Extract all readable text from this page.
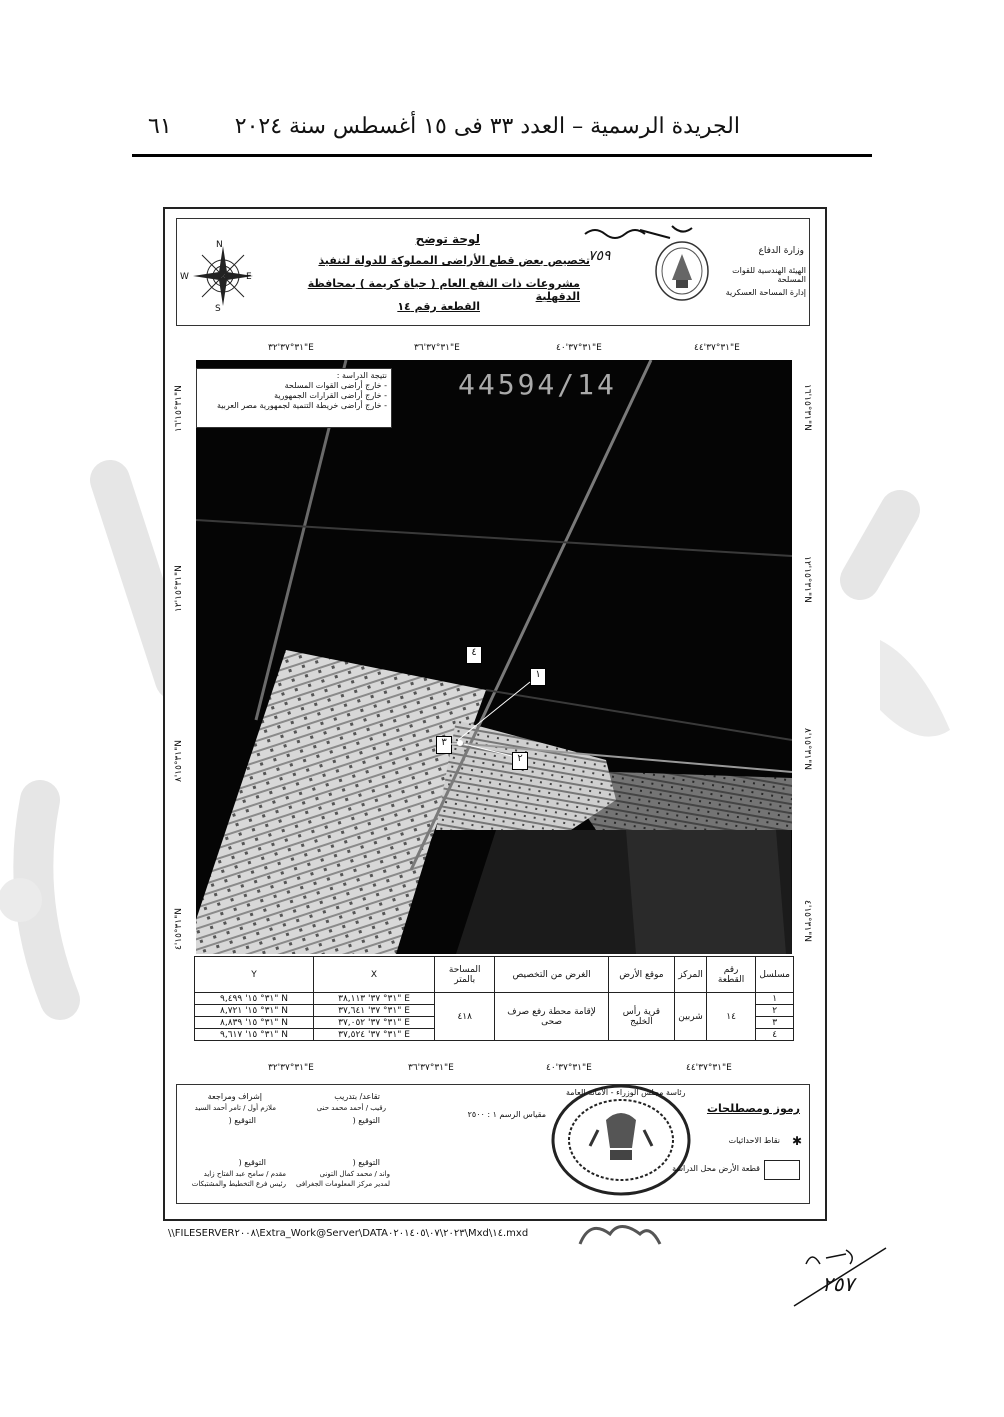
الجريدة الرسمية – العدد ٣٣ فى ١٥ أغسطس سنة ٢٠٢٤
٦١
N
S
E
W
لوحة توضح
تخصيص بعض قطع الأراضى المملوكة للدولة لتنفيذ
مشروعات ذات النفع العام ( حياة كريمة ) بمحافظة الدقهلية
القطعة رقم ١٤
٧٥٩	وزارة الدفاع
الهيئة الهندسية للقوات المسلحة
إدارة المساحة العسكرية
٣١°٣٧'٣٢"E	٣١°٣٧'٣٦"E	٣١°٣٧'٤٠"E	٣١°٣٧'٤٤"E
٣١°١٥'١٦"N
٣١°١٥'١٢"N
٣١°١٥'٨"N
٣١°١٥'٤"N
٣١°١٥'١٦"N
٣١°١٥'١٢"N
٣١°١٥'٨"N
٣١°١٥'٤"N
44594/14
نتيجة الدراسة :
- خارج أراضى القوات المسلحة
- خارج أراضى القرارات الجمهورية
- خارج أراضى خريطة التنمية لجمهورية مصر العربية
٤
١
٣
٢
مسلسل	رقم القطعة	المركز	موقع الأرض	الغرض من التخصيص	المساحة بالمتر	X	Y
١	١٤	شربين	قرية رأس الخليج	لإقامة محطة رفع صرف صحى	٤١٨	٣١° ٣٧' ٣٨,١١٣" E	٣١° ١٥' ٩,٤٩٩" N
٢						٣١° ٣٧' ٣٧,٦٤١" E	٣١° ١٥' ٨,٧٢١" N
٣						٣١° ٣٧' ٣٧,٠٥٢" E	٣١° ١٥' ٨,٨٣٩" N
٤						٣١° ٣٧' ٣٧,٥٢٤" E	٣١° ١٥' ٩,٦١٧" N
٣١°٣٧'٣٢"E	٣١°٣٧'٣٦"E	٣١°٣٧'٤٠"E	٣١°٣٧'٤٤"E
إشراف ومراجعة
ملازم أول / تامر أحمد السيد
التوقيع (
تقاعد/ بتدريب
رقيب / أحمد محمد حنى
التوقيع (
التوقيع (
مقدم / سامح عبد الفتاح زايد
رئيس فرع التخطيط والمشتبكات
التوقيع (
واند / محمد كمال التونى
لمدير مركز المعلومات الجغرافى
مقياس الرسم ١ : ٢٥٠٠
رئاسة مجلس الوزراء - الأمانة العامة
رموز ومصطلحات
نقاط الاحداثيات ✱
قطعة الأرض محل الدراسة
\\FILESERVER٢٠٠٨\Extra_Work@Server\DATA٢٠٢٣\٠٧\٠٢٠١٤٠٥\Mxd\١٤.mxd
٢٥٧
